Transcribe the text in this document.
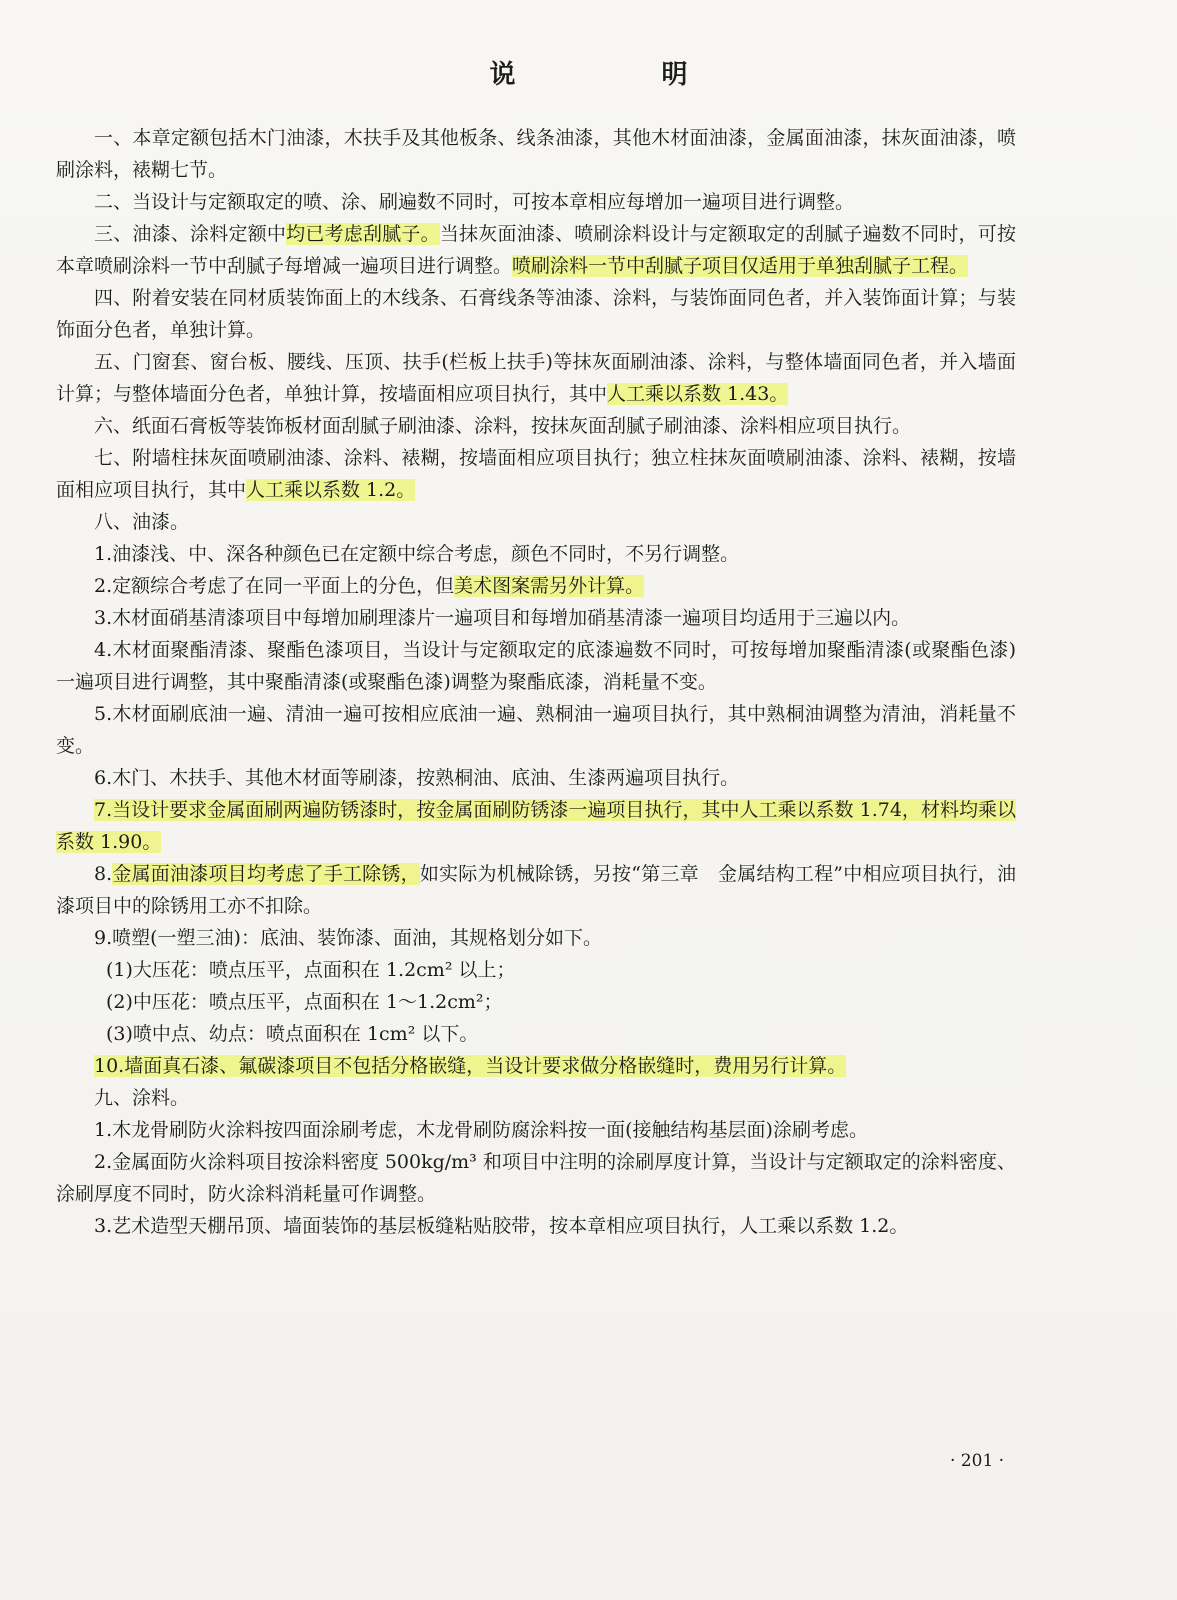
说　明

一、本章定额包括木门油漆，木扶手及其他板条、线条油漆，其他木材面油漆，金属面油漆，抹灰面油漆，喷刷涂料，裱糊七节。

二、当设计与定额取定的喷、涂、刷遍数不同时，可按本章相应每增加一遍项目进行调整。

三、油漆、涂料定额中均已考虑刮腻子。当抹灰面油漆、喷刷涂料设计与定额取定的刮腻子遍数不同时，可按本章喷刷涂料一节中刮腻子每增减一遍项目进行调整。喷刷涂料一节中刮腻子项目仅适用于单独刮腻子工程。

四、附着安装在同材质装饰面上的木线条、石膏线条等油漆、涂料，与装饰面同色者，并入装饰面计算；与装饰面分色者，单独计算。

五、门窗套、窗台板、腰线、压顶、扶手(栏板上扶手)等抹灰面刷油漆、涂料，与整体墙面同色者，并入墙面计算；与整体墙面分色者，单独计算，按墙面相应项目执行，其中人工乘以系数 1.43。

六、纸面石膏板等装饰板材面刮腻子刷油漆、涂料，按抹灰面刮腻子刷油漆、涂料相应项目执行。

七、附墙柱抹灰面喷刷油漆、涂料、裱糊，按墙面相应项目执行；独立柱抹灰面喷刷油漆、涂料、裱糊，按墙面相应项目执行，其中人工乘以系数 1.2。

八、油漆。

1.油漆浅、中、深各种颜色已在定额中综合考虑，颜色不同时，不另行调整。

2.定额综合考虑了在同一平面上的分色，但美术图案需另外计算。

3.木材面硝基清漆项目中每增加刷理漆片一遍项目和每增加硝基清漆一遍项目均适用于三遍以内。

4.木材面聚酯清漆、聚酯色漆项目，当设计与定额取定的底漆遍数不同时，可按每增加聚酯清漆(或聚酯色漆)一遍项目进行调整，其中聚酯清漆(或聚酯色漆)调整为聚酯底漆，消耗量不变。

5.木材面刷底油一遍、清油一遍可按相应底油一遍、熟桐油一遍项目执行，其中熟桐油调整为清油，消耗量不变。

6.木门、木扶手、其他木材面等刷漆，按熟桐油、底油、生漆两遍项目执行。

7.当设计要求金属面刷两遍防锈漆时，按金属面刷防锈漆一遍项目执行，其中人工乘以系数 1.74，材料均乘以系数 1.90。

8.金属面油漆项目均考虑了手工除锈，如实际为机械除锈，另按“第三章　金属结构工程”中相应项目执行，油漆项目中的除锈用工亦不扣除。

9.喷塑(一塑三油)：底油、装饰漆、面油，其规格划分如下。

(1)大压花：喷点压平，点面积在 1.2cm² 以上；

(2)中压花：喷点压平，点面积在 1～1.2cm²；

(3)喷中点、幼点：喷点面积在 1cm² 以下。

10.墙面真石漆、氟碳漆项目不包括分格嵌缝，当设计要求做分格嵌缝时，费用另行计算。

九、涂料。

1.木龙骨刷防火涂料按四面涂刷考虑，木龙骨刷防腐涂料按一面(接触结构基层面)涂刷考虑。

2.金属面防火涂料项目按涂料密度 500kg/m³ 和项目中注明的涂刷厚度计算，当设计与定额取定的涂料密度、涂刷厚度不同时，防火涂料消耗量可作调整。

3.艺术造型天棚吊顶、墙面装饰的基层板缝粘贴胶带，按本章相应项目执行，人工乘以系数 1.2。

· 201 ·
